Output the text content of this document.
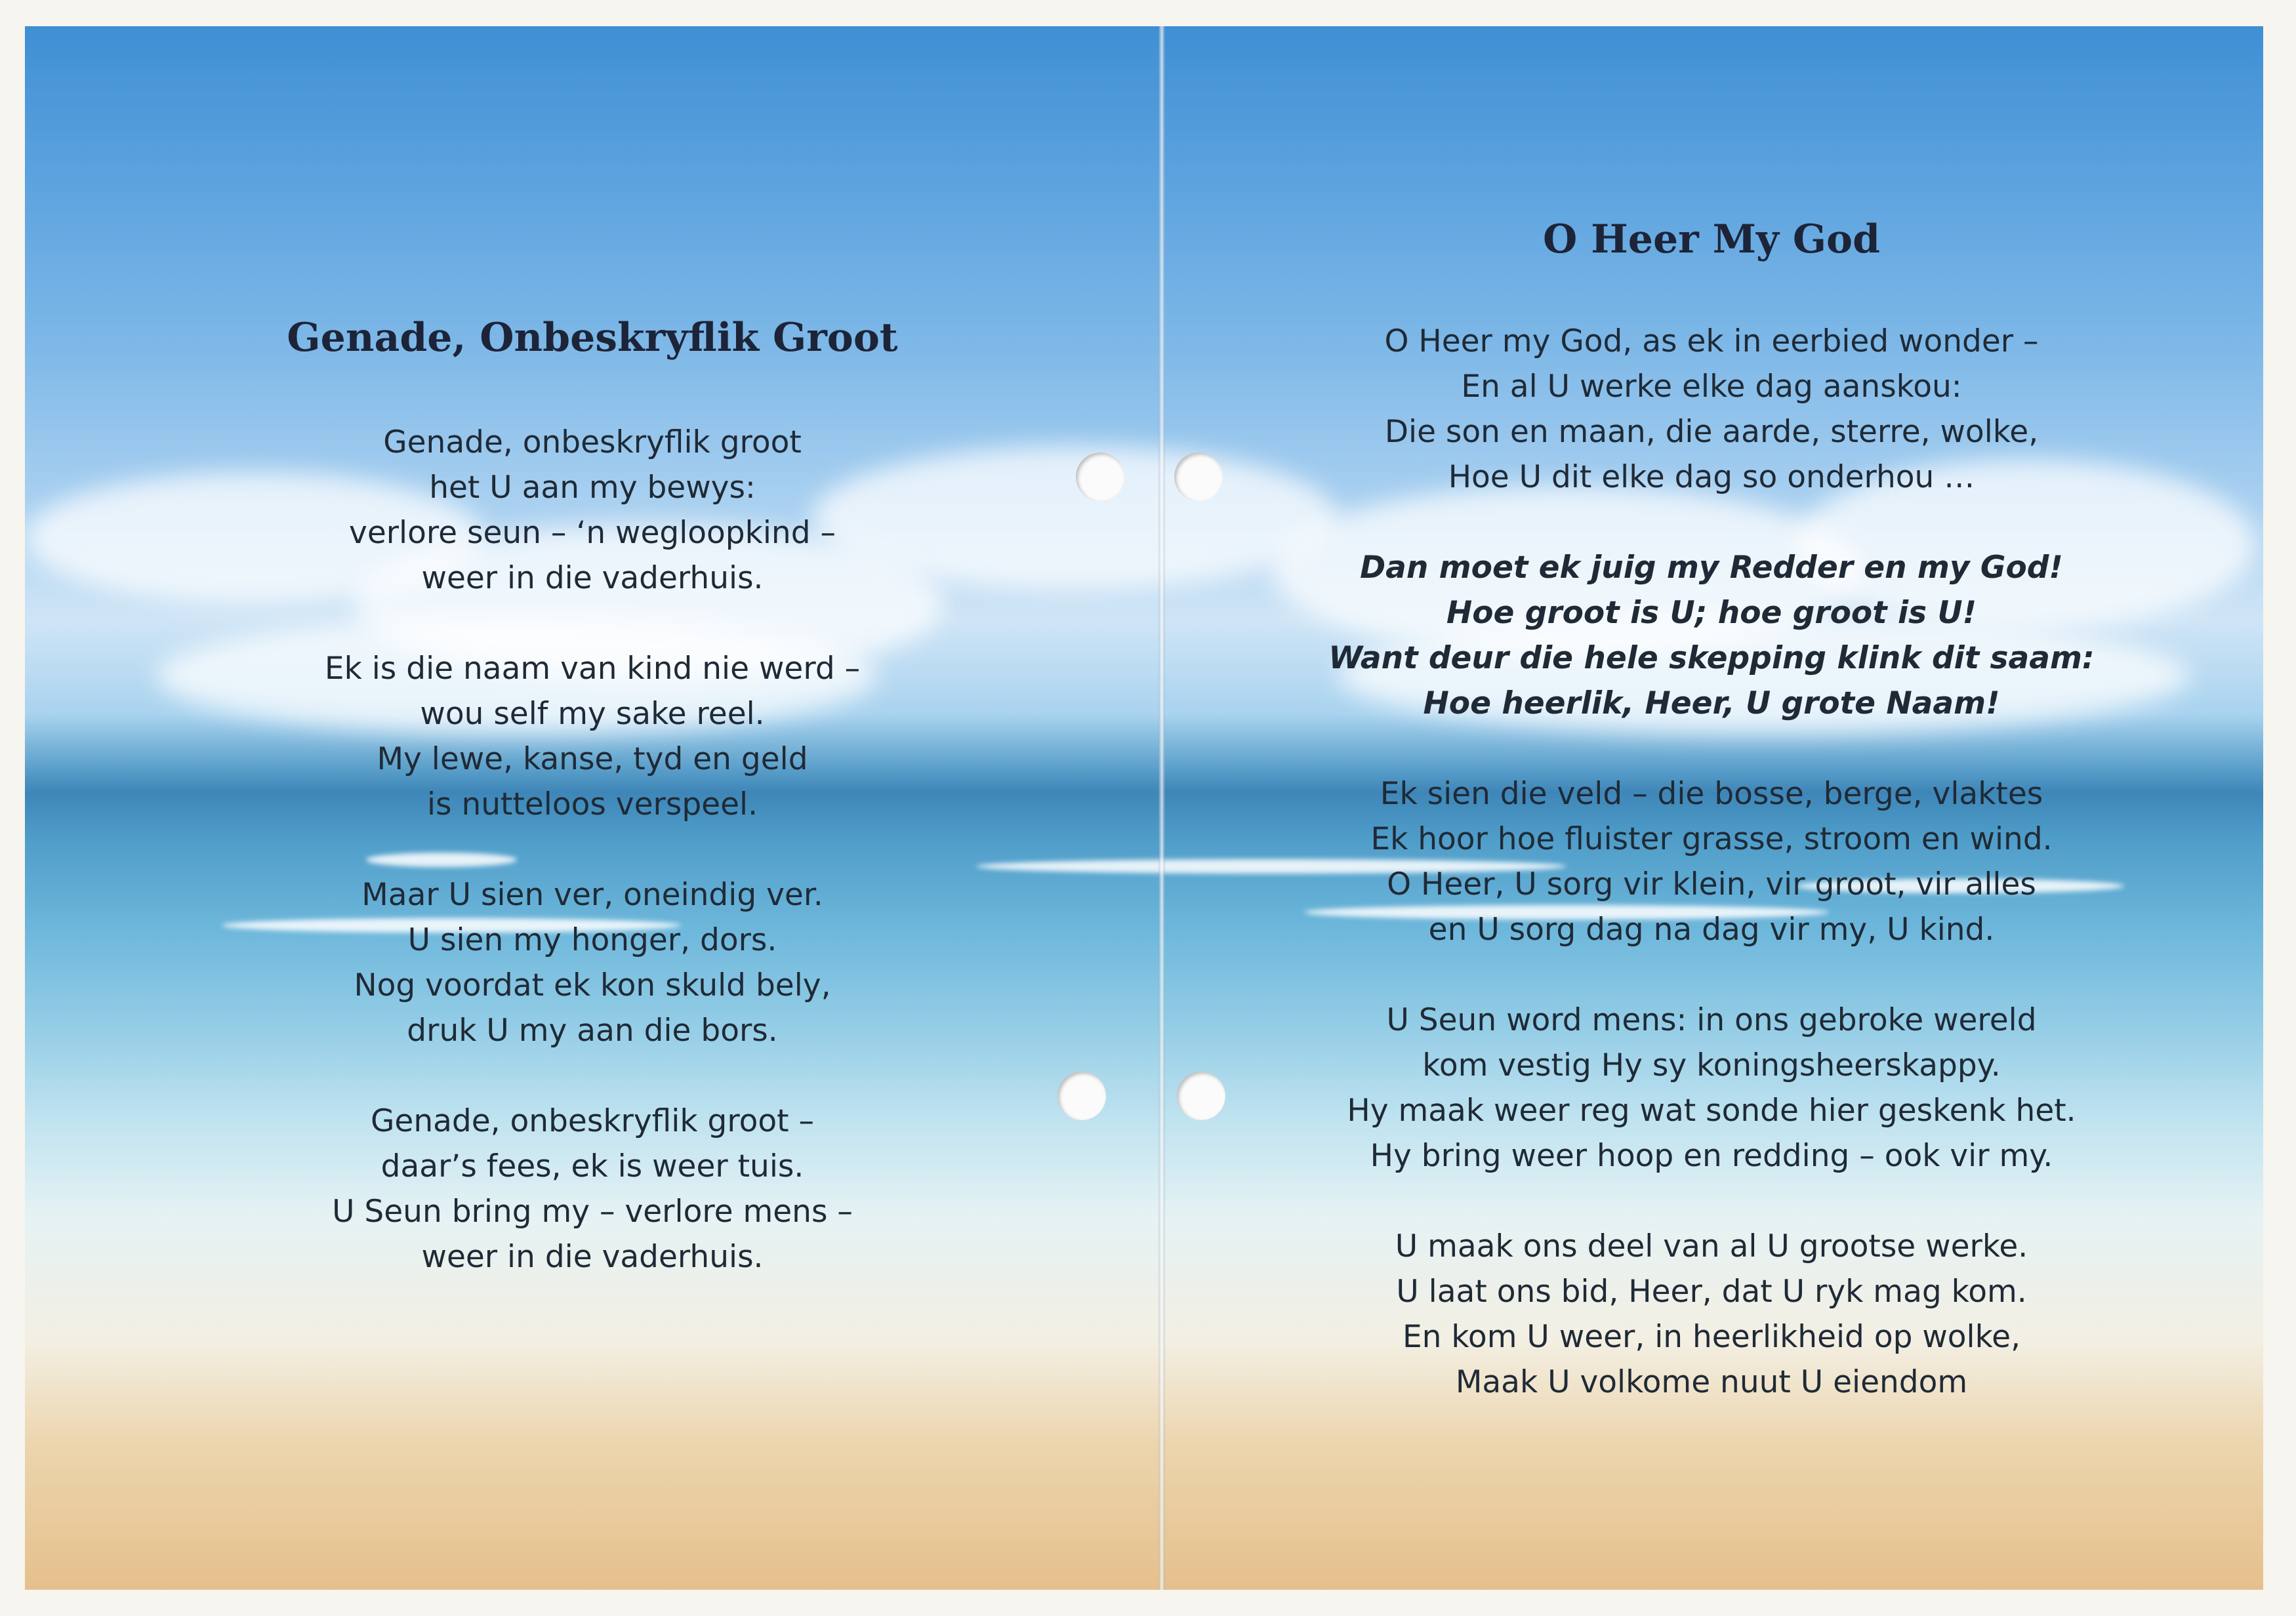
Genade, Onbeskryflik Groot
Genade, onbeskryflik groot
het U aan my bewys:
verlore seun – ‘n wegloopkind –
weer in die vaderhuis.
Ek is die naam van kind nie werd –
wou self my sake reel.
My lewe, kanse, tyd en geld
is nutteloos verspeel.
Maar U sien ver, oneindig ver.
U sien my honger, dors.
Nog voordat ek kon skuld bely,
druk U my aan die bors.
Genade, onbeskryflik groot –
daar’s fees, ek is weer tuis.
U Seun bring my – verlore mens –
weer in die vaderhuis.
O Heer My God
O Heer my God, as ek in eerbied wonder –
En al U werke elke dag aanskou:
Die son en maan, die aarde, sterre, wolke,
Hoe U dit elke dag so onderhou …
Dan moet ek juig my Redder en my God!
Hoe groot is U; hoe groot is U!
Want deur die hele skepping klink dit saam:
Hoe heerlik, Heer, U grote Naam!
Ek sien die veld – die bosse, berge, vlaktes
Ek hoor hoe fluister grasse, stroom en wind.
O Heer, U sorg vir klein, vir groot, vir alles
en U sorg dag na dag vir my, U kind.
U Seun word mens: in ons gebroke wereld
kom vestig Hy sy koningsheerskappy.
Hy maak weer reg wat sonde hier geskenk het.
Hy bring weer hoop en redding – ook vir my.
U maak ons deel van al U grootse werke.
U laat ons bid, Heer, dat U ryk mag kom.
En kom U weer, in heerlikheid op wolke,
Maak U volkome nuut U eiendom
